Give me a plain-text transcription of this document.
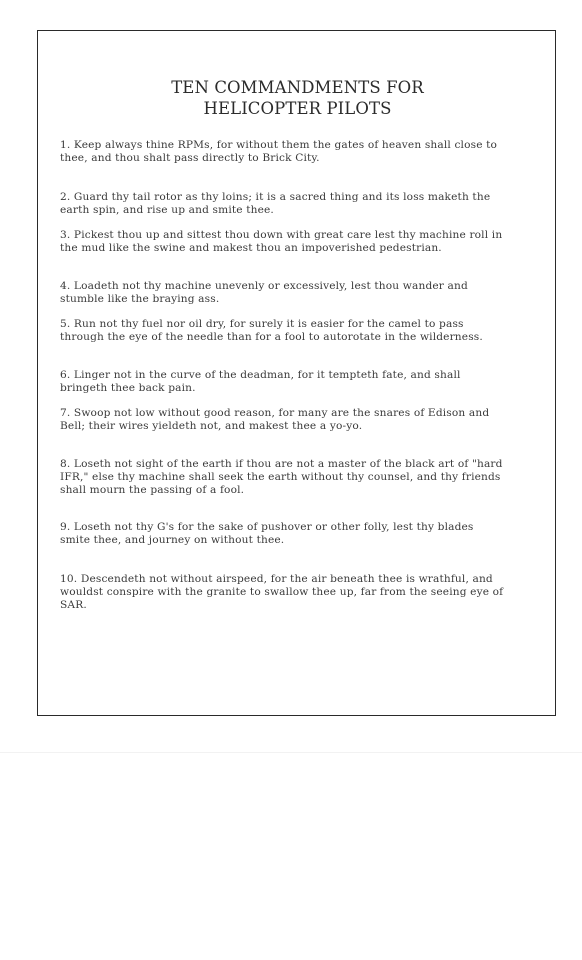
TEN COMMANDMENTS FOR
HELICOPTER PILOTS
1. Keep always thine RPMs, for without them the gates of heaven shall close to thee, and thou shalt pass directly to Brick City.
2. Guard thy tail rotor as thy loins; it is a sacred thing and its loss maketh the earth spin, and rise up and smite thee.
3. Pickest thou up and sittest thou down with great care lest thy machine roll in the mud like the swine and makest thou an impoverished pedestrian.
4. Loadeth not thy machine unevenly or excessively, lest thou wander and stumble like the braying ass.
5. Run not thy fuel nor oil dry, for surely it is easier for the camel to pass through the eye of the needle than for a fool to autorotate in the wilderness.
6. Linger not in the curve of the deadman, for it tempteth fate, and shall bringeth thee back pain.
7. Swoop not low without good reason, for many are the snares of Edison and Bell; their wires yieldeth not, and makest thee a yo-yo.
8. Loseth not sight of the earth if thou are not a master of the black art of "hard IFR," else thy machine shall seek the earth without thy counsel, and thy friends shall mourn the passing of a fool.
9. Loseth not thy G's for the sake of pushover or other folly, lest thy blades smite thee, and journey on without thee.
10. Descendeth not without airspeed, for the air beneath thee is wrathful, and wouldst conspire with the granite to swallow thee up, far from the seeing eye of SAR.
